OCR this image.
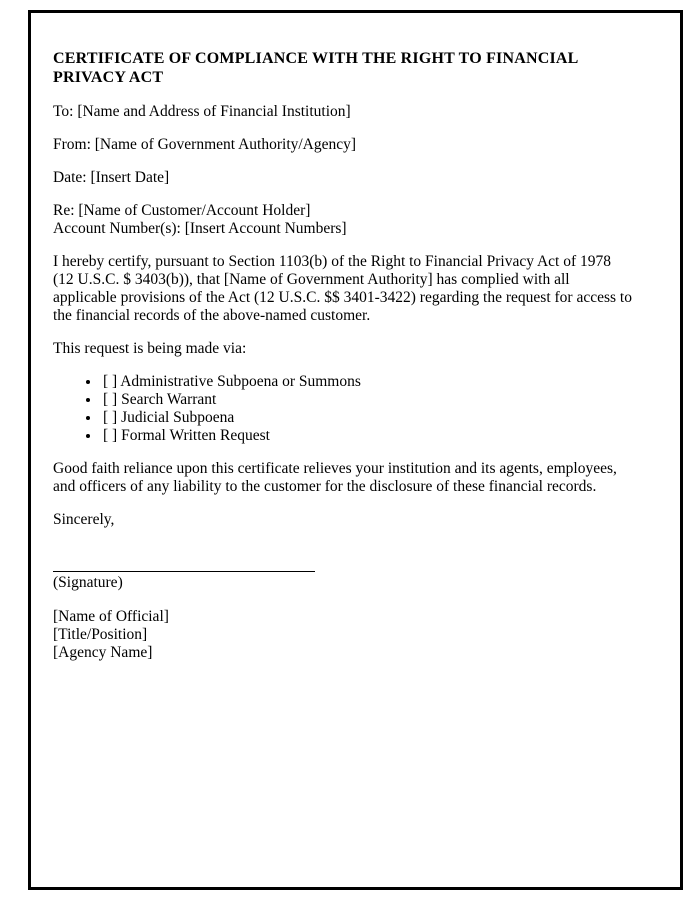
CERTIFICATE OF COMPLIANCE WITH THE RIGHT TO FINANCIAL PRIVACY ACT

To: [Name and Address of Financial Institution]

From: [Name of Government Authority/Agency]

Date: [Insert Date]

Re: [Name of Customer/Account Holder]
Account Number(s): [Insert Account Numbers]

I hereby certify, pursuant to Section 1103(b) of the Right to Financial Privacy Act of 1978 (12 U.S.C. $ 3403(b)), that [Name of Government Authority] has complied with all applicable provisions of the Act (12 U.S.C. $$ 3401-3422) regarding the request for access to the financial records of the above-named customer.

This request is being made via:

• [ ] Administrative Subpoena or Summons
• [ ] Search Warrant
• [ ] Judicial Subpoena
• [ ] Formal Written Request

Good faith reliance upon this certificate relieves your institution and its agents, employees, and officers of any liability to the customer for the disclosure of these financial records.

Sincerely,

(Signature)

[Name of Official]
[Title/Position]
[Agency Name]
